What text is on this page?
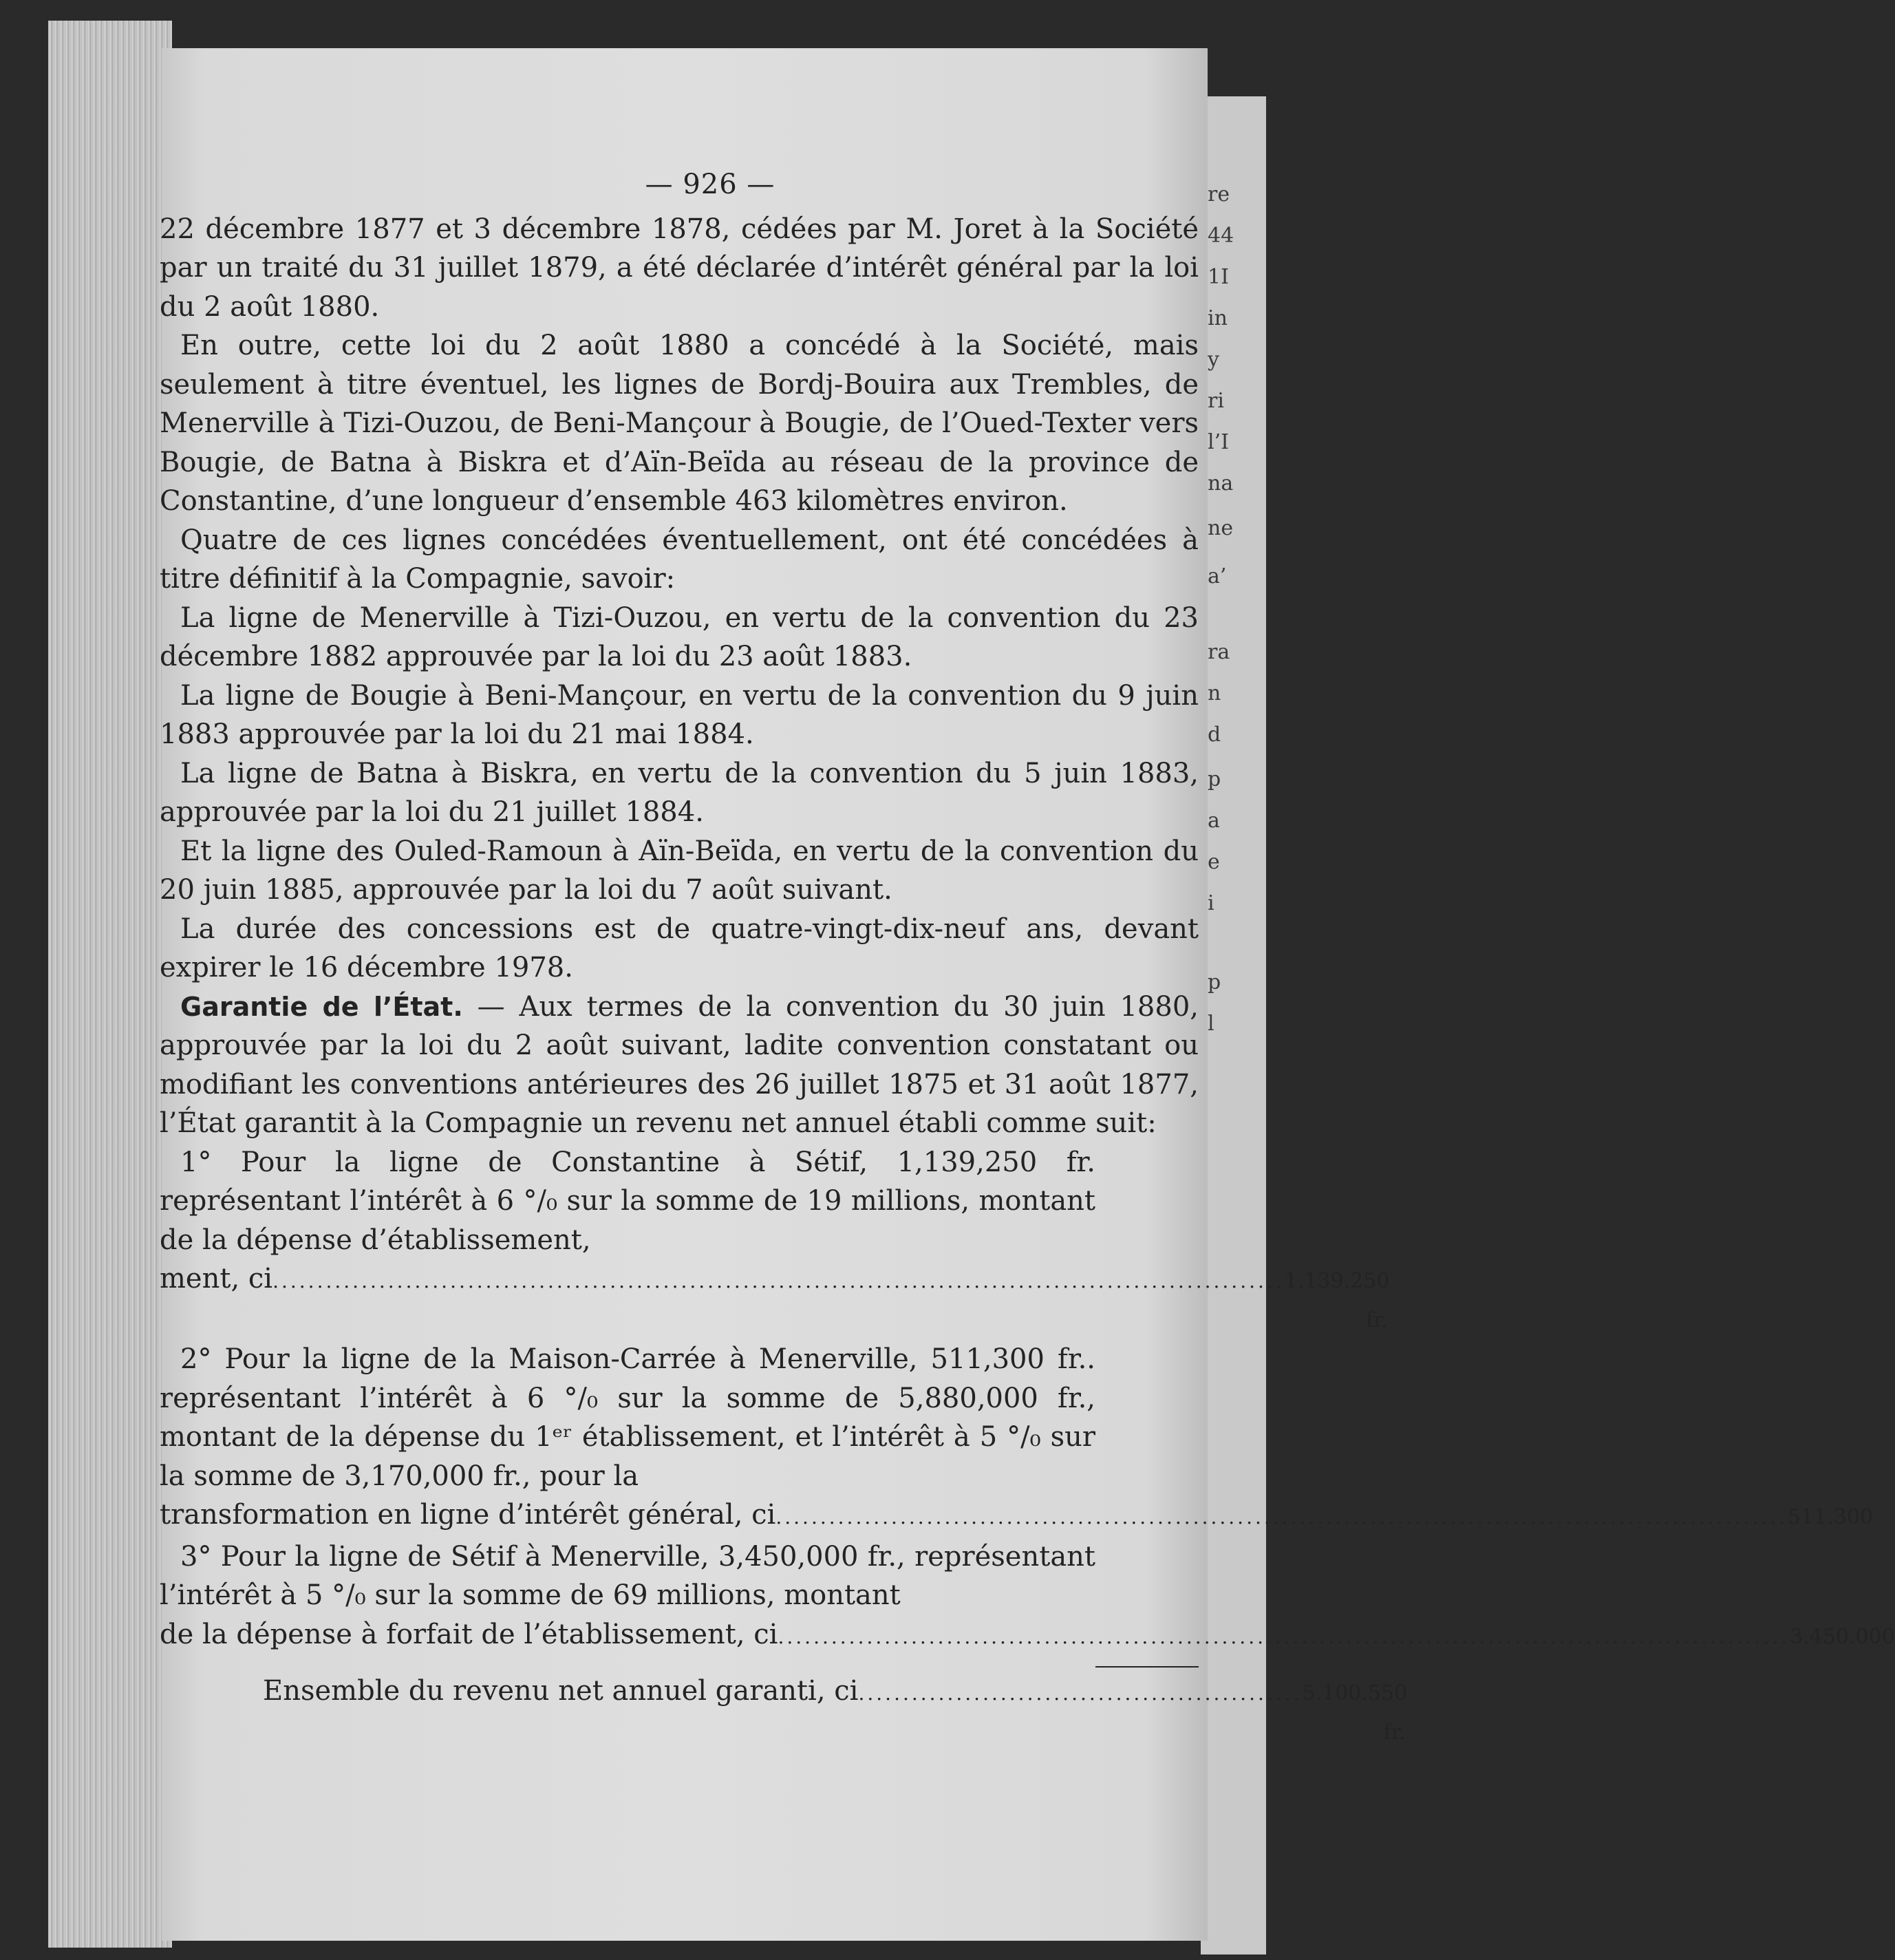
re
44
1I
in
y
ri
l’I
na
ne
a’
ra
n
d
p
a
e
i
p
l
— 926 —

22 décembre 1877 et 3 décembre 1878, cédées par M. Joret à la Société par un traité du 31 juillet 1879, a été déclarée d’intérêt général par la loi du 2 août 1880.

En outre, cette loi du 2 août 1880 a concédé à la Société, mais seulement à titre éventuel, les lignes de Bordj-Bouira aux Trembles, de Menerville à Tizi-Ouzou, de Beni-Mançour à Bougie, de l’Oued-Texter vers Bougie, de Batna à Biskra et d’Aïn-Beïda au réseau de la province de Constantine, d’une longueur d’ensemble 463 kilomètres environ.

Quatre de ces lignes concédées éventuellement, ont été concédées à titre définitif à la Compagnie, savoir:

La ligne de Menerville à Tizi-Ouzou, en vertu de la convention du 23 décembre 1882 approuvée par la loi du 23 août 1883.

La ligne de Bougie à Beni-Mançour, en vertu de la convention du 9 juin 1883 approuvée par la loi du 21 mai 1884.

La ligne de Batna à Biskra, en vertu de la convention du 5 juin 1883, approuvée par la loi du 21 juillet 1884.

Et la ligne des Ouled-Ramoun à Aïn-Beïda, en vertu de la convention du 20 juin 1885, approuvée par la loi du 7 août suivant.

La durée des concessions est de quatre-vingt-dix-neuf ans, devant expirer le 16 décembre 1978.

Garantie de l’État. — Aux termes de la convention du 30 juin 1880, approuvée par la loi du 2 août suivant, ladite convention constatant ou modifiant les conventions antérieures des 26 juillet 1875 et 31 août 1877, l’État garantit à la Compagnie un revenu net annuel établi comme suit:

1° Pour la ligne de Constantine à Sétif, 1,139,250 fr. représentant l’intérêt à 6 °/₀ sur la somme de 19 millions, montant de la dépense d’établissement,

ment, ci .................................................................................................................. 1.139.250 fr.

2° Pour la ligne de la Maison-Carrée à Menerville, 511,300 fr.. représentant l’intérêt à 6 °/₀ sur la somme de 5,880,000 fr., montant de la dépense du 1ᵉʳ établissement, et l’intérêt à 5 °/₀ sur la somme de 3,170,000 fr., pour la

transformation en ligne d’intérêt général, ci .................................................................................................................. 511.300

3° Pour la ligne de Sétif à Menerville, 3,450,000 fr., représentant l’intérêt à 5 °/₀ sur la somme de 69 millions, montant

de la dépense à forfait de l’établissement, ci .................................................................................................................. 3.450.000
Ensemble du revenu net annuel garanti, ci .................................................. 5.100.550 fr.
